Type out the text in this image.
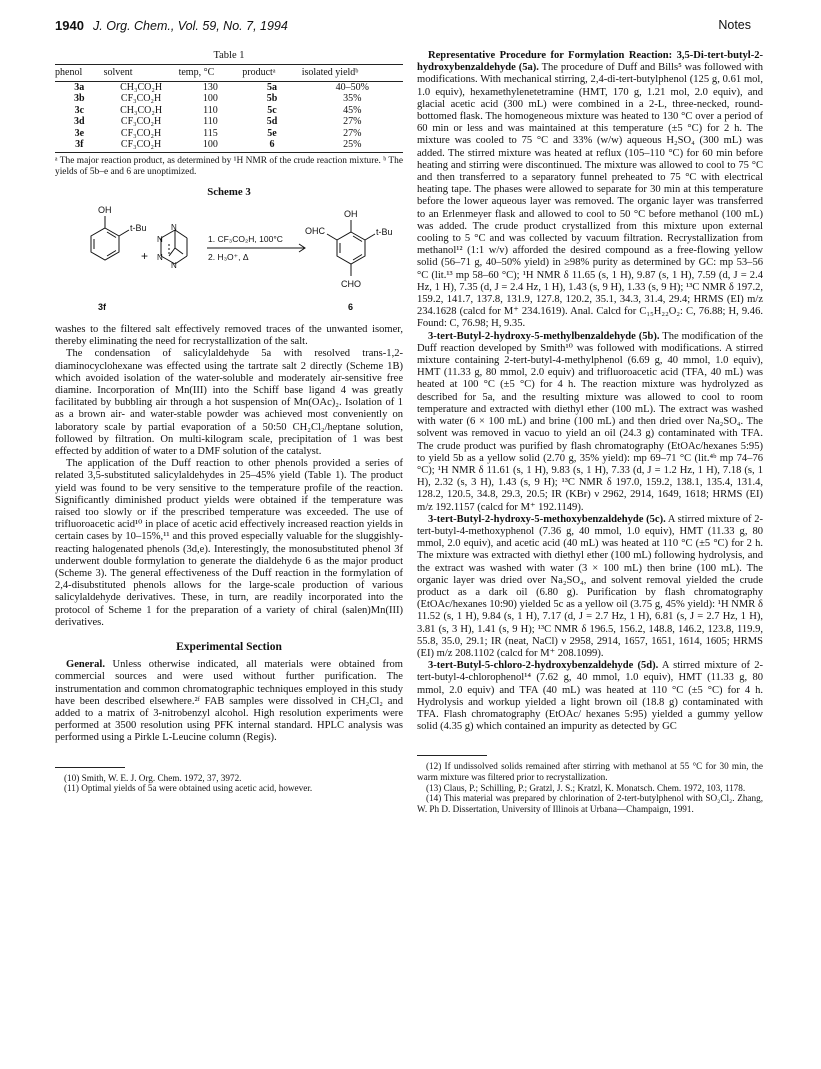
1940 J. Org. Chem., Vol. 59, No. 7, 1994	Notes
Table 1
phenol	solvent	temp, °C	productᵃ	isolated yieldᵇ
3a	CH₃CO₂H	130	5a	40–50%
3b	CF₃CO₂H	100	5b	35%
3c	CH₃CO₂H	110	5c	45%
3d	CF₃CO₂H	110	5d	27%
3e	CF₃CO₂H	115	5e	27%
3f	CF₃CO₂H	100	6	25%
ᵃ The major reaction product, as determined by ¹H NMR of the crude reaction mixture. ᵇ The yields of 5b–e and 6 are unoptimized.
Scheme 3
OH
t-Bu
+
N
N
N
N
1. CF₃CO₂H, 100°C
2. H₃O⁺, Δ
OH
OHC	t-Bu
CHO
3f	6

washes to the filtered salt effectively removed traces of the unwanted isomer, thereby eliminating the need for recrystallization of the salt.

The condensation of salicylaldehyde 5a with resolved trans-1,2-diaminocyclohexane was effected using the tartrate salt 2 directly (Scheme 1B) which avoided isolation of the water-soluble and moderately air-sensitive free diamine. Incorporation of Mn(III) into the Schiff base ligand 4 was greatly facilitated by bubbling air through a hot suspension of Mn(OAc)₂. Isolation of 1 as a brown air- and water-stable powder was achieved most conveniently on laboratory scale by partial evaporation of a 50:50 CH₂Cl₂/heptane solution, followed by filtration. On multi-kilogram scale, precipitation of 1 was best effected by addition of water to a DMF solution of the catalyst.

The application of the Duff reaction to other phenols provided a series of related 3,5-substituted salicylaldehydes in 25–45% yield (Table 1). The product yield was found to be very sensitive to the temperature profile of the reaction. Significantly diminished product yields were obtained if the temperature was raised too slowly or if the prescribed temperature was exceeded. The use of trifluoroacetic acid¹⁰ in place of acetic acid effectively increased reaction yields in certain cases by 10–15%,¹¹ and this proved especially valuable for the sluggishly-reacting halogenated phenols (3d,e). Interestingly, the monosubstituted phenol 3f underwent double formylation to generate the dialdehyde 6 as the major product (Scheme 3). The general effectiveness of the Duff reaction in the formylation of 2,4-disubstituted phenols allows for the large-scale production of various salicylaldehyde derivatives. These, in turn, are readily incorporated into the protocol of Scheme 1 for the preparation of a variety of chiral (salen)Mn(III) derivatives.

Experimental Section

General. Unless otherwise indicated, all materials were obtained from commercial sources and were used without further purification. The instrumentation and common chromatographic techniques employed in this study have been described elsewhere.²ᶠ FAB samples were dissolved in CH₂Cl₂ and added to a matrix of 3-nitrobenzyl alcohol. High resolution experiments were performed at 3500 resolution using PFK internal standard. HPLC analysis was performed using a Pirkle L-Leucine column (Regis).

(10) Smith, W. E. J. Org. Chem. 1972, 37, 3972.

(11) Optimal yields of 5a were obtained using acetic acid, however.

Representative Procedure for Formylation Reaction: 3,5-Di-tert-butyl-2-hydroxybenzaldehyde (5a). The procedure of Duff and Bills⁵ was followed with modifications. With mechanical stirring, 2,4-di-tert-butylphenol (125 g, 0.61 mol, 1.0 equiv), hexamethylenetetramine (HMT, 170 g, 1.21 mol, 2.0 equiv), and glacial acetic acid (300 mL) were combined in a 2-L, three-necked, round-bottomed flask. The homogeneous mixture was heated to 130 °C over a period of 60 min or less and was maintained at this temperature (±5 °C) for 2 h. The mixture was cooled to 75 °C and 33% (w/w) aqueous H₂SO₄ (300 mL) was added. The stirred mixture was heated at reflux (105–110 °C) for 60 min before heating and stirring were discontinued. The mixture was allowed to cool to 75 °C and then transferred to a separatory funnel preheated to 75 °C with electrical heating tape. The phases were allowed to separate for 30 min at this temperature before the lower aqueous layer was removed. The organic layer was transferred to an Erlenmeyer flask and allowed to cool to 50 °C before methanol (100 mL) was added. The crude product crystallized from this mixture upon external cooling to 5 °C and was collected by vacuum filtration. Recrystallization from methanol¹² (1:1 w/v) afforded the desired compound as a free-flowing yellow solid (56–71 g, 40–50% yield) in ≥98% purity as determined by GC: mp 53–56 °C (lit.¹³ mp 58–60 °C); ¹H NMR δ 11.65 (s, 1 H), 9.87 (s, 1 H), 7.59 (d, J = 2.4 Hz, 1 H), 7.35 (d, J = 2.4 Hz, 1 H), 1.43 (s, 9 H), 1.33 (s, 9 H); ¹³C NMR δ 197.2, 159.2, 141.7, 137.8, 131.9, 127.8, 120.2, 35.1, 34.3, 31.4, 29.4; HRMS (EI) m/z 234.1628 (calcd for M⁺ 234.1619). Anal. Calcd for C₁₅H₂₂O₂: C, 76.88; H, 9.46. Found: C, 76.98; H, 9.35.

3-tert-Butyl-2-hydroxy-5-methylbenzaldehyde (5b). The modification of the Duff reaction developed by Smith¹⁰ was followed with modifications. A stirred mixture containing 2-tert-butyl-4-methylphenol (6.69 g, 40 mmol, 1.0 equiv), HMT (11.33 g, 80 mmol, 2.0 equiv) and trifluoroacetic acid (TFA, 40 mL) was heated at 100 °C (±5 °C) for 4 h. The reaction mixture was hydrolyzed as described for 5a, and the resulting mixture was allowed to cool to room temperature and extracted with diethyl ether (100 mL). The extract was washed with water (6 × 100 mL) and brine (100 mL) and then dried over Na₂SO₄. The solvent was removed in vacuo to yield an oil (24.3 g) contaminated with TFA. The crude product was purified by flash chromatography (EtOAc/hexanes 5:95) to yield 5b as a yellow solid (2.70 g, 35% yield): mp 69–71 °C (lit.⁴ᵇ mp 74–76 °C); ¹H NMR δ 11.61 (s, 1 H), 9.83 (s, 1 H), 7.33 (d, J = 1.2 Hz, 1 H), 7.18 (s, 1 H), 2.32 (s, 3 H), 1.43 (s, 9 H); ¹³C NMR δ 197.0, 159.2, 138.1, 135.4, 131.4, 128.2, 120.5, 34.8, 29.3, 20.5; IR (KBr) ν 2962, 2914, 1649, 1618; HRMS (EI) m/z 192.1157 (calcd for M⁺ 192.1149).

3-tert-Butyl-2-hydroxy-5-methoxybenzaldehyde (5c). A stirred mixture of 2-tert-butyl-4-methoxyphenol (7.36 g, 40 mmol, 1.0 equiv), HMT (11.33 g, 80 mmol, 2.0 equiv), and acetic acid (40 mL) was heated at 110 °C (±5 °C) for 2 h. The mixture was extracted with diethyl ether (100 mL) following hydrolysis, and the extract was washed with water (3 × 100 mL) then brine (100 mL). The organic layer was dried over Na₂SO₄, and solvent removal yielded the crude product as a dark oil (6.80 g). Purification by flash chromatography (EtOAc/hexanes 10:90) yielded 5c as a yellow oil (3.75 g, 45% yield): ¹H NMR δ 11.52 (s, 1 H), 9.84 (s, 1 H), 7.17 (d, J = 2.7 Hz, 1 H), 6.81 (s, J = 2.7 Hz, 1 H), 3.81 (s, 3 H), 1.41 (s, 9 H); ¹³C NMR δ 196.5, 156.2, 148.8, 146.2, 123.8, 119.9, 55.8, 35.0, 29.1; IR (neat, NaCl) ν 2958, 2914, 1657, 1651, 1614, 1605; HRMS (EI) m/z 208.1102 (calcd for M⁺ 208.1099).

3-tert-Butyl-5-chloro-2-hydroxybenzaldehyde (5d). A stirred mixture of 2-tert-butyl-4-chlorophenol¹⁴ (7.62 g, 40 mmol, 1.0 equiv), HMT (11.33 g, 80 mmol, 2.0 equiv) and TFA (40 mL) was heated at 110 °C (±5 °C) for 4 h. Hydrolysis and workup yielded a light brown oil (18.8 g) contaminated with TFA. Flash chromatography (EtOAc/ hexanes 5:95) yielded a gummy yellow solid (4.35 g) which contained an impurity as detected by GC

(12) If undissolved solids remained after stirring with methanol at 55 °C for 30 min, the warm mixture was filtered prior to recrystallization.

(13) Claus, P.; Schilling, P.; Gratzl, J. S.; Kratzl, K. Monatsch. Chem. 1972, 103, 1178.

(14) This material was prepared by chlorination of 2-tert-butylphenol with SO₂Cl₂. Zhang, W. Ph D. Dissertation, University of Illinois at Urbana—Champaign, 1991.
